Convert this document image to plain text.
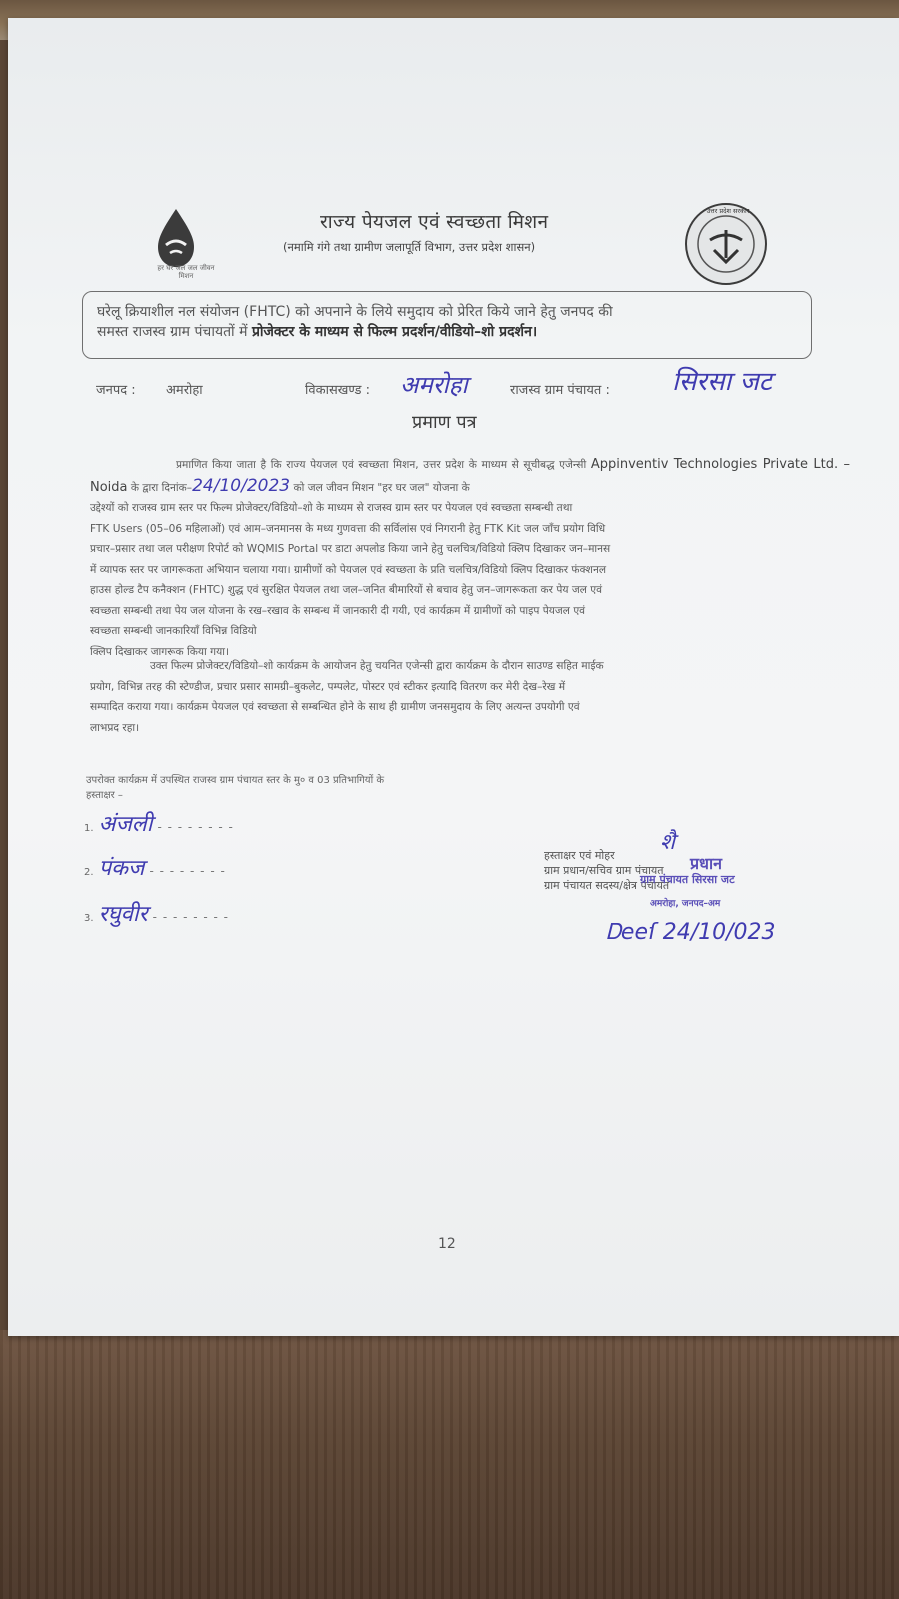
हर घर जल जल जीवन मिशन
राज्य पेयजल एवं स्वच्छता मिशन
(नमामि गंगे तथा ग्रामीण जलापूर्ति विभाग, उत्तर प्रदेश शासन)
उत्तर प्रदेश सरकार
घरेलू क्रियाशील नल संयोजन (FHTC) को अपनाने के लिये समुदाय को प्रेरित किये जाने हेतु जनपद की
समस्त राजस्व ग्राम पंचायतों में प्रोजेक्टर के माध्यम से फिल्म प्रदर्शन/वीडियो–शो प्रदर्शन।
जनपद : अमरोहा	विकासखण्ड : अमरोहा	राजस्व ग्राम पंचायत : सिरसा जट
प्रमाण पत्र
प्रमाणित किया जाता है कि राज्य पेयजल एवं स्वच्छता मिशन, उत्तर प्रदेश के माध्यम से सूचीबद्ध एजेन्सी Appinventiv Technologies Private Ltd. – Noida के द्वारा दिनांक–24/10/2023 को जल जीवन मिशन "हर घर जल" योजना के
उद्देश्यों को राजस्व ग्राम स्तर पर फिल्म प्रोजेक्टर/विडियो–शो के माध्यम से राजस्व ग्राम स्तर पर पेयजल एवं स्वच्छता सम्बन्धी तथा
FTK Users (05–06 महिलाओं) एवं आम–जनमानस के मध्य गुणवत्ता की सर्विलांस एवं निगरानी हेतु FTK Kit जल जाँच प्रयोग विधि
प्रचार–प्रसार तथा जल परीक्षण रिपोर्ट को WQMIS Portal पर डाटा अपलोड किया जाने हेतु चलचित्र/विडियो क्लिप दिखाकर जन–मानस
में व्यापक स्तर पर जागरूकता अभियान चलाया गया। ग्रामीणों को पेयजल एवं स्वच्छता के प्रति चलचित्र/विडियो क्लिप दिखाकर फंक्शनल
हाउस होल्ड टैप कनैक्शन (FHTC) शुद्ध एवं सुरक्षित पेयजल तथा जल–जनित बीमारियों से बचाव हेतु जन–जागरूकता कर पेय जल एवं
स्वच्छता सम्बन्धी तथा पेय जल योजना के रख–रखाव के सम्बन्ध में जानकारी दी गयी, एवं कार्यक्रम में ग्रामीणों को पाइप पेयजल एवं
स्वच्छता सम्बन्धी जानकारियाँ विभिन्न विडियो
क्लिप दिखाकर जागरूक किया गया।
उक्त फिल्म प्रोजेक्टर/विडियो–शो कार्यक्रम के आयोजन हेतु चयनित एजेन्सी द्वारा कार्यक्रम के दौरान साउण्ड सहित माईक
प्रयोग, विभिन्न तरह की स्टेण्डीज, प्रचार प्रसार सामग्री–बुकलेट, पम्पलेट, पोस्टर एवं स्टीकर इत्यादि वितरण कर मेरी देख–रेख में
सम्पादित कराया गया। कार्यक्रम पेयजल एवं स्वच्छता से सम्बन्धित होने के साथ ही ग्रामीण जनसमुदाय के लिए अत्यन्त उपयोगी एवं
लाभप्रद रहा।
उपरोक्त कार्यक्रम में उपस्थित राजस्व ग्राम पंचायत स्तर के मु० व 03 प्रतिभागियों के
हस्ताक्षर –
1. अंजली - - - - - - - -
2. पंकज - - - - - - - -
3. रघुवीर - - - - - - - -
हस्ताक्षर एवं मोहर
ग्राम प्रधान/सचिव ग्राम पंचायत
ग्राम पंचायत सदस्य/क्षेत्र पंचायत
शै
प्रधान
ग्राम पंचायत सिरसा जट
अमरोहा, जनपद–अम
Ꭰeeſ 24/10/023
12
